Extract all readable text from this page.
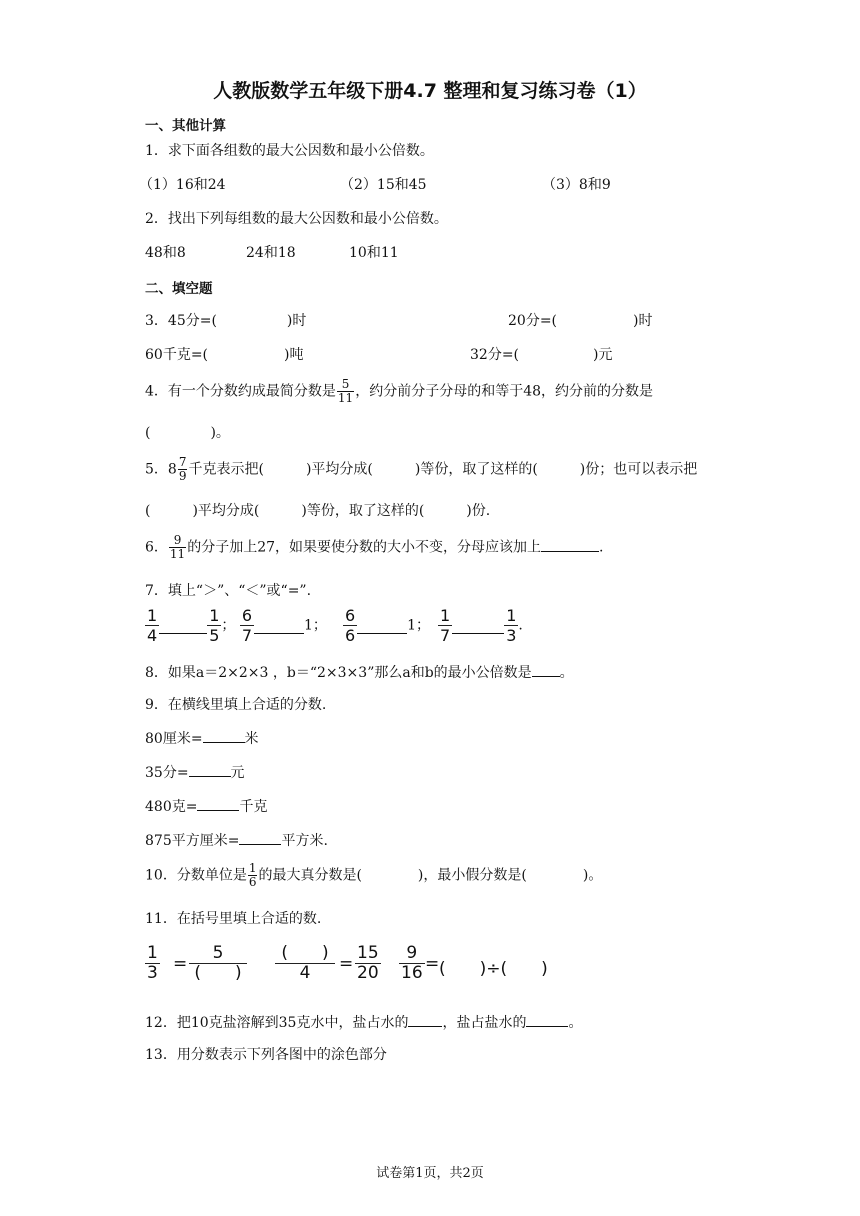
人教版数学五年级下册4.7 整理和复习练习卷（1）
一、其他计算
1．求下面各组数的最大公因数和最小公倍数。
（1）16和24	（2）15和45	（3）8和9
2．找出下列每组数的最大公因数和最小公倍数。
48和8	24和18	10和11
二、填空题
3．45分=(	)时	20分=(	)时
60千克=(	)吨	32分=(	)元
4．有一个分数约成最简分数是 $\frac{5}{11}$ ，约分前分子分母的和等于48，约分前的分数是
(	)。
5．$8 \frac{7}{9}$ 千克表示把(　　　)平均分成(　　　)等份，取了这样的(　　　)份；也可以表示把
(　　　)平均分成(　　　)等份，取了这样的(　　　)份.
6． $\frac{9}{11}$ 的分子加上27，如果要使分数的大小不变，分母应该加上	.
7．填上“＞”、“＜”或“=”.
$\frac{1}{4}$	$\frac{1}{5}$ ； $\frac{6}{7}$	1； $\frac{6}{6}$	1； $\frac{1}{7}$	$\frac{1}{3}$ .
8．如果a＝2×2×3 ，b＝“2×3×3”那么a和b的最小公倍数是 。
9．在横线里填上合适的分数.
80厘米=	米
35分=	元
480克=	千克
875平方厘米=	平方米.
10．分数单位是 $\frac{1}{6}$ 的最大真分数是(　　　　)，最小假分数是(　　　　)。
11．在括号里填上合适的数.
$\frac{1}{3}$ =
5
(　　)
(　　)
4	= $\frac{15}{20} \frac{9}{16}$ = (　　)÷(　　)
12．把10克盐溶解到35克水中，盐占水的 ，盐占盐水的	。
13．用分数表示下列各图中的涂色部分
试卷第1页，共2页
